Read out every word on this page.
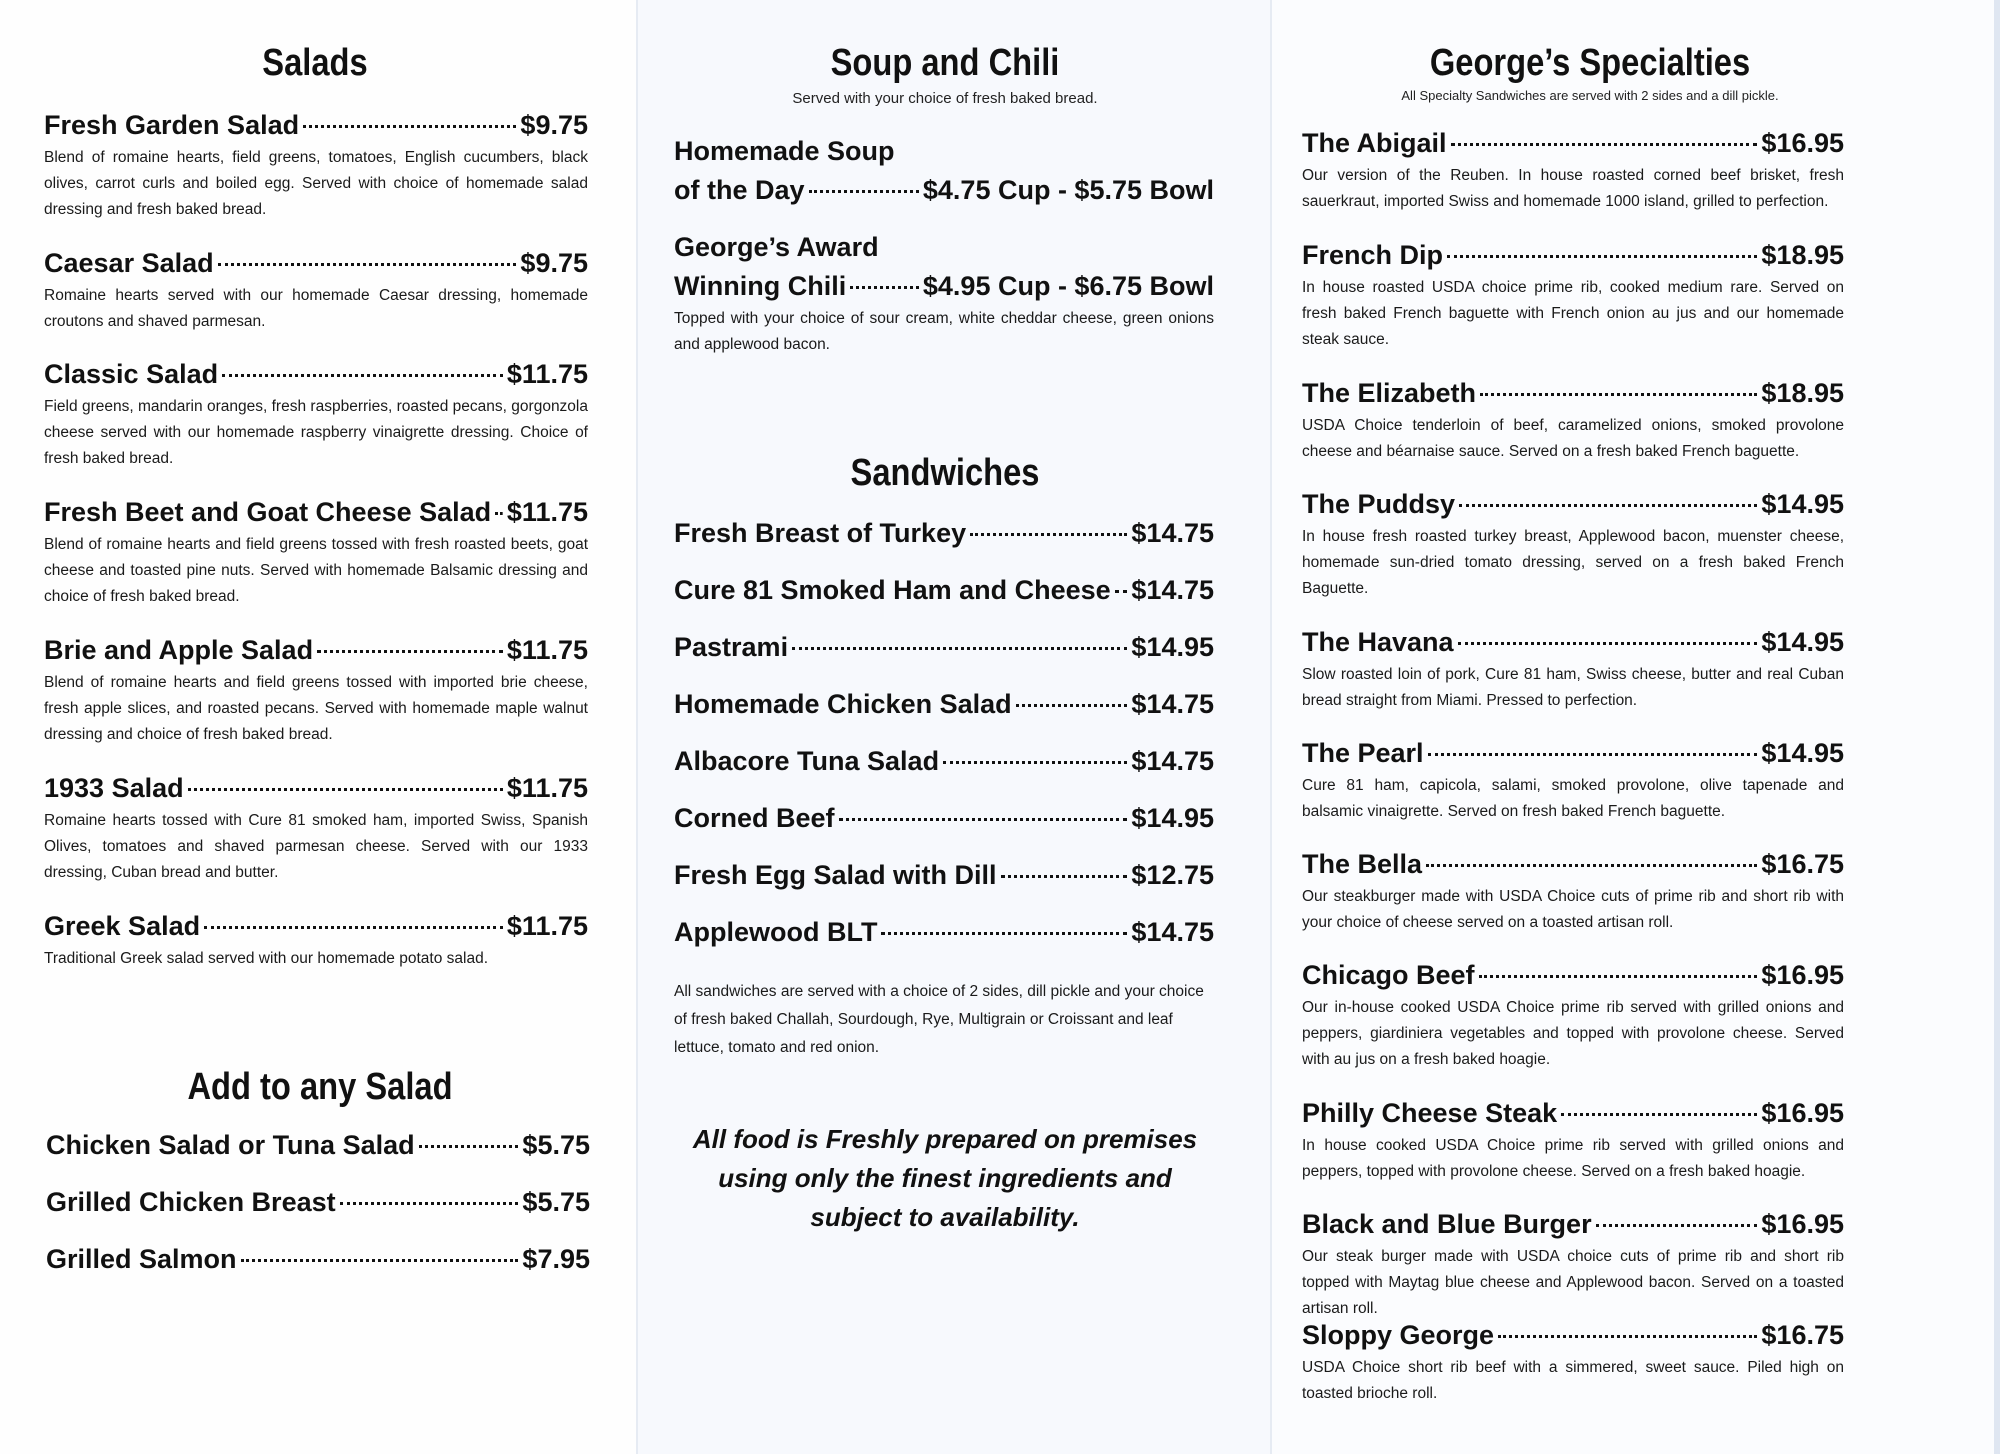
Salads
Fresh Garden Salad	$9.75
Blend of romaine hearts, field greens, tomatoes, English cucumbers, black olives, carrot curls and boiled egg. Served with choice of homemade salad dressing and fresh baked bread.
Caesar Salad	$9.75
Romaine hearts served with our homemade Caesar dressing, homemade croutons and shaved parmesan.
Classic Salad	$11.75
Field greens, mandarin oranges, fresh raspberries, roasted pecans, gorgonzola cheese served with our homemade raspberry vinaigrette dressing. Choice of fresh baked bread.
Fresh Beet and Goat Cheese Salad $11.75
Blend of romaine hearts and field greens tossed with fresh roasted beets, goat cheese and toasted pine nuts. Served with homemade Balsamic dressing and choice of fresh baked bread.
Brie and Apple Salad	$11.75
Blend of romaine hearts and field greens tossed with imported brie cheese, fresh apple slices, and roasted pecans. Served with homemade maple walnut dressing and choice of fresh baked bread.
1933 Salad	$11.75
Romaine hearts tossed with Cure 81 smoked ham, imported Swiss, Spanish Olives, tomatoes and shaved parmesan cheese. Served with our 1933 dressing, Cuban bread and butter.
Greek Salad	$11.75
Traditional Greek salad served with our homemade potato salad.
Add to any Salad
Chicken Salad or Tuna Salad	$5.75
Grilled Chicken Breast	$5.75
Grilled Salmon	$7.95
Soup and Chili
Served with your choice of fresh baked bread.
Homemade Soup
of the Day	$4.75 Cup - $5.75 Bowl
George’s Award
Winning Chili	$4.95 Cup - $6.75 Bowl
Topped with your choice of sour cream, white cheddar cheese, green onions and applewood bacon.
Sandwiches
Fresh Breast of Turkey	$14.75
Cure 81 Smoked Ham and Cheese $14.75
Pastrami	$14.95
Homemade Chicken Salad	$14.75
Albacore Tuna Salad	$14.75
Corned Beef	$14.95
Fresh Egg Salad with Dill	$12.75
Applewood BLT	$14.75
All sandwiches are served with a choice of 2 sides, dill pickle and your choice of fresh baked Challah, Sourdough, Rye, Multigrain or Croissant and leaf lettuce, tomato and red onion.
All food is Freshly prepared on premises using only the finest ingredients and subject to availability.
George’s Specialties
All Specialty Sandwiches are served with 2 sides and a dill pickle.
The Abigail	$16.95
Our version of the Reuben. In house roasted corned beef brisket, fresh sauerkraut, imported Swiss and homemade 1000 island, grilled to perfection.
French Dip	$18.95
In house roasted USDA choice prime rib, cooked medium rare. Served on fresh baked French baguette with French onion au jus and our homemade steak sauce.
The Elizabeth	$18.95
USDA Choice tenderloin of beef, caramelized onions, smoked provolone cheese and béarnaise sauce. Served on a fresh baked French baguette.
The Puddsy	$14.95
In house fresh roasted turkey breast, Applewood bacon, muenster cheese, homemade sun-dried tomato dressing, served on a fresh baked French Baguette.
The Havana	$14.95
Slow roasted loin of pork, Cure 81 ham, Swiss cheese, butter and real Cuban bread straight from Miami. Pressed to perfection.
The Pearl	$14.95
Cure 81 ham, capicola, salami, smoked provolone, olive tapenade and balsamic vinaigrette. Served on fresh baked French baguette.
The Bella	$16.75
Our steakburger made with USDA Choice cuts of prime rib and short rib with your choice of cheese served on a toasted artisan roll.
Chicago Beef	$16.95
Our in-house cooked USDA Choice prime rib served with grilled onions and peppers, giardiniera vegetables and topped with provolone cheese. Served with au jus on a fresh baked hoagie.
Philly Cheese Steak	$16.95
In house cooked USDA Choice prime rib served with grilled onions and peppers, topped with provolone cheese. Served on a fresh baked hoagie.
Black and Blue Burger	$16.95
Our steak burger made with USDA choice cuts of prime rib and short rib topped with Maytag blue cheese and Applewood bacon. Served on a toasted artisan roll.
Sloppy George	$16.75
USDA Choice short rib beef with a simmered, sweet sauce. Piled high on toasted brioche roll.
